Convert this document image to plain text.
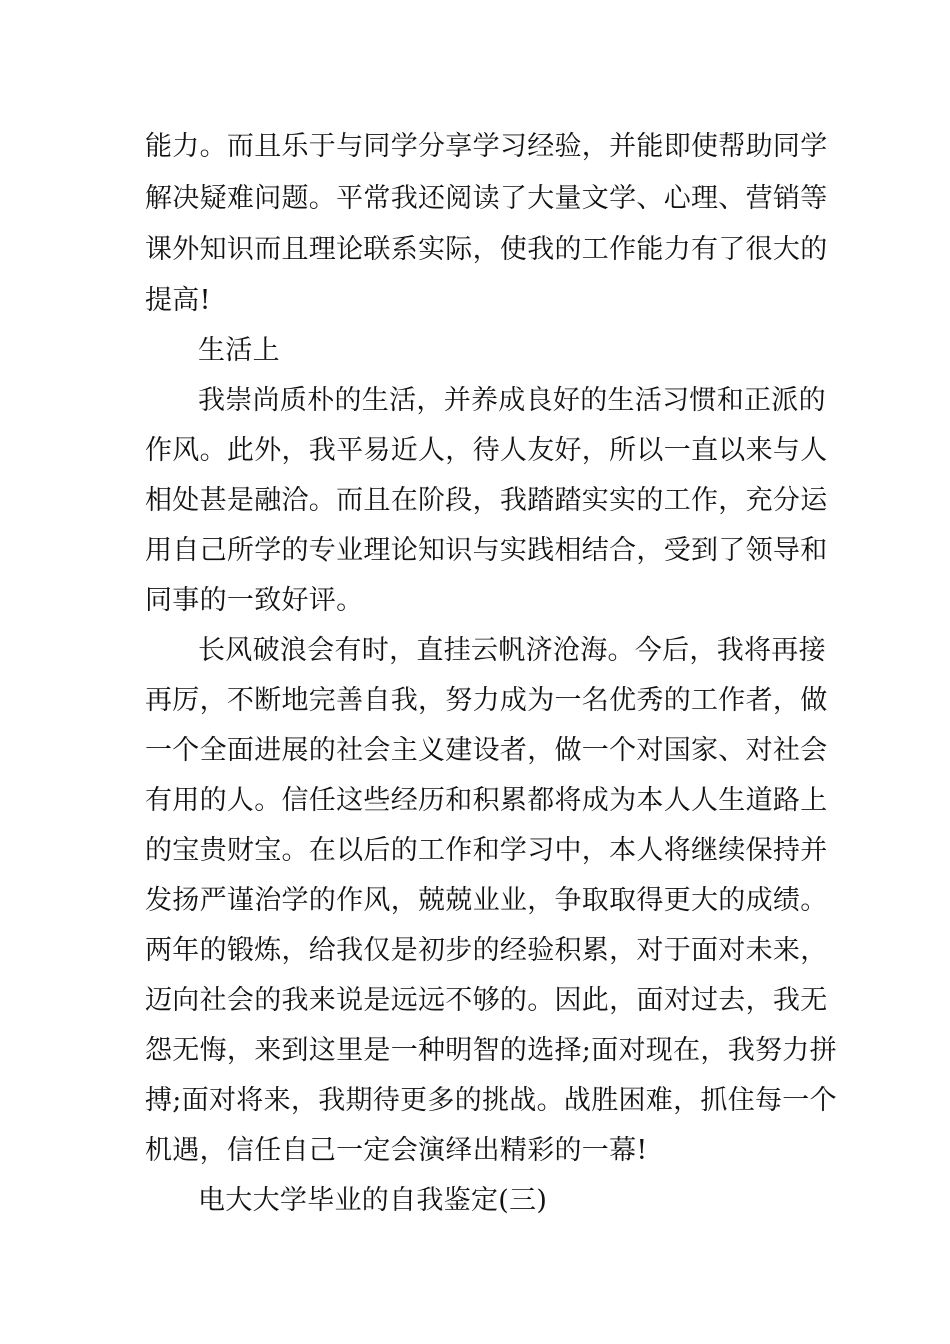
能力。而且乐于与同学分享学习经验，并能即使帮助同学
解决疑难问题。平常我还阅读了大量文学、心理、营销等
课外知识而且理论联系实际，使我的工作能力有了很大的
提高!
生活上
我崇尚质朴的生活，并养成良好的生活习惯和正派的
作风。此外，我平易近人，待人友好，所以一直以来与人
相处甚是融洽。而且在阶段，我踏踏实实的工作，充分运
用自己所学的专业理论知识与实践相结合，受到了领导和
同事的一致好评。
长风破浪会有时，直挂云帆济沧海。今后，我将再接
再厉，不断地完善自我，努力成为一名优秀的工作者，做
一个全面进展的社会主义建设者，做一个对国家、对社会
有用的人。信任这些经历和积累都将成为本人人生道路上
的宝贵财宝。在以后的工作和学习中，本人将继续保持并
发扬严谨治学的作风，兢兢业业，争取取得更大的成绩。
两年的锻炼，给我仅是初步的经验积累，对于面对未来，
迈向社会的我来说是远远不够的。因此，面对过去，我无
怨无悔，来到这里是一种明智的选择;面对现在，我努力拼
搏;面对将来，我期待更多的挑战。战胜困难，抓住每一个
机遇，信任自己一定会演绎出精彩的一幕!
电大大学毕业的自我鉴定(三)
